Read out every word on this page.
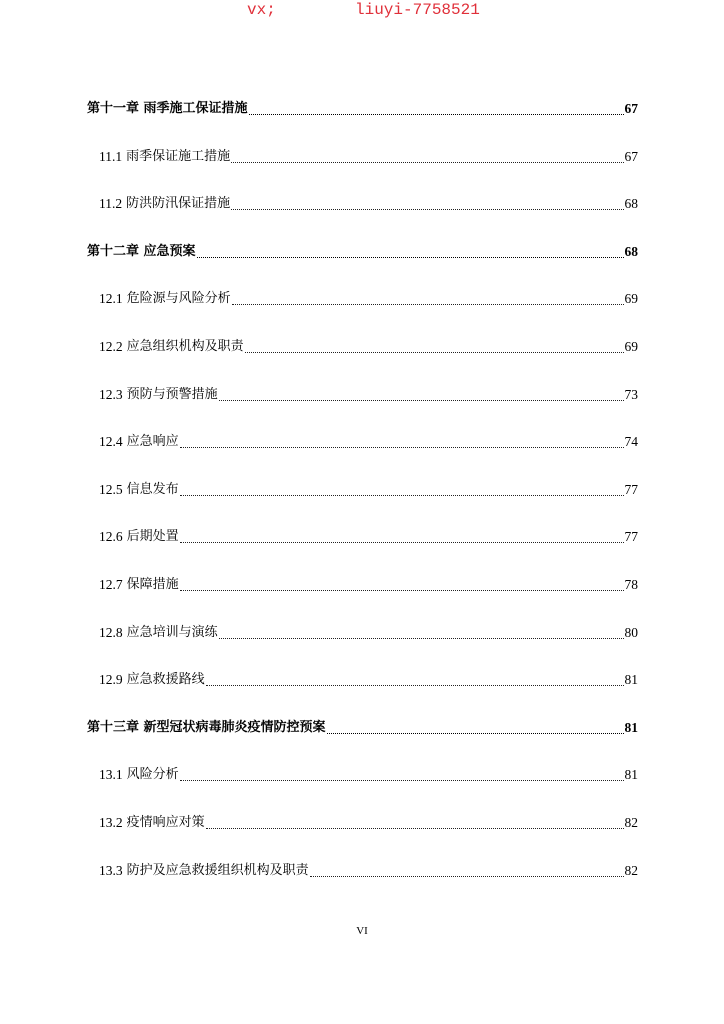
vx;	liuyi-7758521
第十一章 雨季施工保证措施	67
11.1 雨季保证施工措施	67
11.2 防洪防汛保证措施	68
第十二章 应急预案	68
12.1 危险源与风险分析	69
12.2 应急组织机构及职责	69
12.3 预防与预警措施	73
12.4 应急响应	74
12.5 信息发布	77
12.6 后期处置	77
12.7 保障措施	78
12.8 应急培训与演练	80
12.9 应急救援路线	81
第十三章 新型冠状病毒肺炎疫情防控预案	81
13.1 风险分析	81
13.2 疫情响应对策	82
13.3 防护及应急救援组织机构及职责	82
VI
